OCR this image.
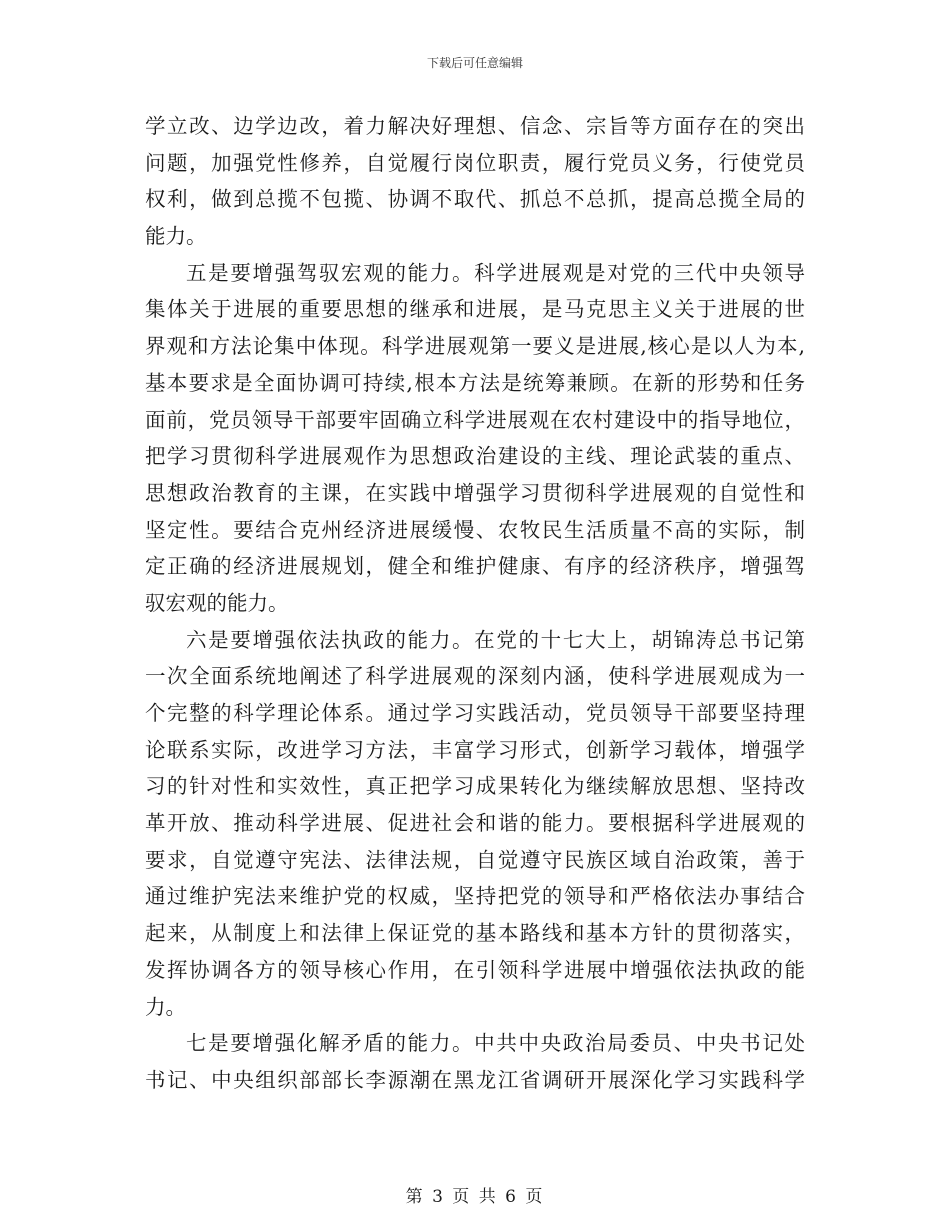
下载后可任意编辑
学立改、边学边改，着力解决好理想、信念、宗旨等方面存在的突出
问题，加强党性修养，自觉履行岗位职责，履行党员义务，行使党员
权利，做到总揽不包揽、协调不取代、抓总不总抓，提高总揽全局的
能力。
五是要增强驾驭宏观的能力。科学进展观是对党的三代中央领导
集体关于进展的重要思想的继承和进展，是马克思主义关于进展的世
界观和方法论集中体现。科学进展观第一要义是进展,核心是以人为本,
基本要求是全面协调可持续,根本方法是统筹兼顾。在新的形势和任务
面前，党员领导干部要牢固确立科学进展观在农村建设中的指导地位，
把学习贯彻科学进展观作为思想政治建设的主线、理论武装的重点、
思想政治教育的主课，在实践中增强学习贯彻科学进展观的自觉性和
坚定性。要结合克州经济进展缓慢、农牧民生活质量不高的实际，制
定正确的经济进展规划，健全和维护健康、有序的经济秩序，增强驾
驭宏观的能力。
六是要增强依法执政的能力。在党的十七大上，胡锦涛总书记第
一次全面系统地阐述了科学进展观的深刻内涵，使科学进展观成为一
个完整的科学理论体系。通过学习实践活动，党员领导干部要坚持理
论联系实际，改进学习方法，丰富学习形式，创新学习载体，增强学
习的针对性和实效性，真正把学习成果转化为继续解放思想、坚持改
革开放、推动科学进展、促进社会和谐的能力。要根据科学进展观的
要求，自觉遵守宪法、法律法规，自觉遵守民族区域自治政策，善于
通过维护宪法来维护党的权威，坚持把党的领导和严格依法办事结合
起来，从制度上和法律上保证党的基本路线和基本方针的贯彻落实，
发挥协调各方的领导核心作用，在引领科学进展中增强依法执政的能
力。
七是要增强化解矛盾的能力。中共中央政治局委员、中央书记处
书记、中央组织部部长李源潮在黑龙江省调研开展深化学习实践科学
第 3 页 共 6 页
